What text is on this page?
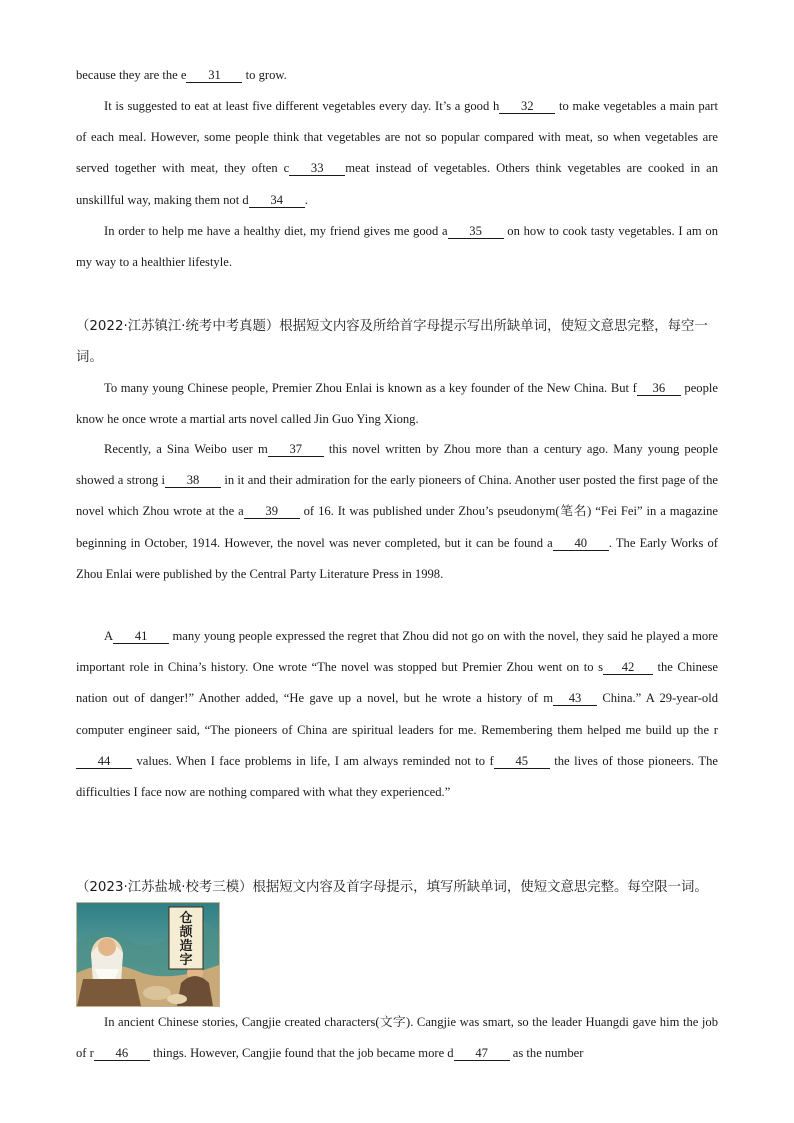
because they are the e 31 to grow.

It is suggested to eat at least five different vegetables every day. It’s a good h 32 to make vegetables a main part of each meal. However, some people think that vegetables are not so popular compared with meat, so when vegetables are served together with meat, they often c 33 meat instead of vegetables. Others think vegetables are cooked in an unskillful way, making them not d 34 .

In order to help me have a healthy diet, my friend gives me good a 35 on how to cook tasty vegetables. I am on my way to a healthier lifestyle.

（2022·江苏镇江·统考中考真题）根据短文内容及所给首字母提示写出所缺单词，使短文意思完整，每空一词。

To many young Chinese people, Premier Zhou Enlai is known as a key founder of the New China. But f 36 people know he once wrote a martial arts novel called Jin Guo Ying Xiong.

Recently, a Sina Weibo user m 37 this novel written by Zhou more than a century ago. Many young people showed a strong i 38 in it and their admiration for the early pioneers of China. Another user posted the first page of the novel which Zhou wrote at the a 39 of 16. It was published under Zhou’s pseudonym(笔名) “Fei Fei” in a magazine beginning in October, 1914. However, the novel was never completed, but it can be found a 40 . The Early Works of Zhou Enlai were published by the Central Party Literature Press in 1998.

A 41 many young people expressed the regret that Zhou did not go on with the novel, they said he played a more important role in China’s history. One wrote “The novel was stopped but Premier Zhou went on to s 42 the Chinese nation out of danger!” Another added, “He gave up a novel, but he wrote a history of m 43 China.” A 29-year-old computer engineer said, “The pioneers of China are spiritual leaders for me. Remembering them helped me build up the r44 values. When I face problems in life, I am always reminded not to f 45 the lives of those pioneers. The difficulties I face now are nothing compared with what they experienced.”

（2023·江苏盐城·校考三模）根据短文内容及首字母提示，填写所缺单词，使短文意思完整。每空限一词。
仓
颉
造
字

In ancient Chinese stories, Cangjie created characters(文字). Cangjie was smart, so the leader Huangdi gave him the job of r 46 things. However, Cangjie found that the job became more d 47 as the number
